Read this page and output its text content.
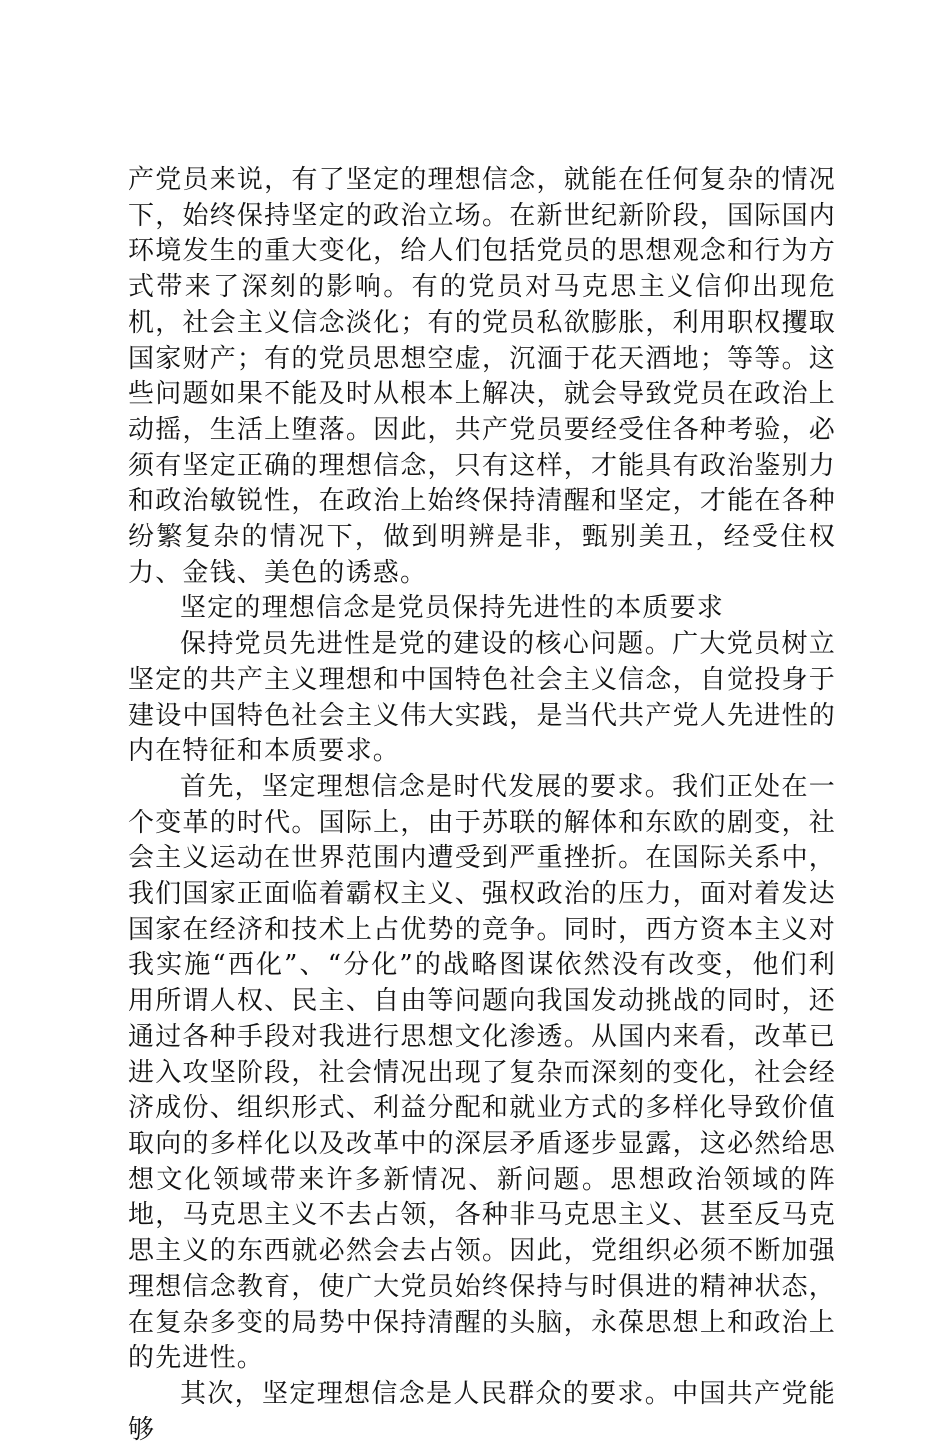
产党员来说，有了坚定的理想信念，就能在任何复杂的情况下，始终保持坚定的政治立场。在新世纪新阶段，国际国内环境发生的重大变化，给人们包括党员的思想观念和行为方式带来了深刻的影响。有的党员对马克思主义信仰出现危机，社会主义信念淡化；有的党员私欲膨胀，利用职权攫取国家财产；有的党员思想空虚，沉湎于花天酒地；等等。这些问题如果不能及时从根本上解决，就会导致党员在政治上动摇，生活上堕落。因此，共产党员要经受住各种考验，必须有坚定正确的理想信念，只有这样，才能具有政治鉴别力和政治敏锐性，在政治上始终保持清醒和坚定，才能在各种纷繁复杂的情况下，做到明辨是非，甄别美丑，经受住权力、金钱、美色的诱惑。

坚定的理想信念是党员保持先进性的本质要求

保持党员先进性是党的建设的核心问题。广大党员树立坚定的共产主义理想和中国特色社会主义信念，自觉投身于建设中国特色社会主义伟大实践，是当代共产党人先进性的内在特征和本质要求。

首先，坚定理想信念是时代发展的要求。我们正处在一个变革的时代。国际上，由于苏联的解体和东欧的剧变，社会主义运动在世界范围内遭受到严重挫折。在国际关系中，我们国家正面临着霸权主义、强权政治的压力，面对着发达国家在经济和技术上占优势的竞争。同时，西方资本主义对我实施“西化”、“分化”的战略图谋依然没有改变，他们利用所谓人权、民主、自由等问题向我国发动挑战的同时，还通过各种手段对我进行思想文化渗透。从国内来看，改革已进入攻坚阶段，社会情况出现了复杂而深刻的变化，社会经济成份、组织形式、利益分配和就业方式的多样化导致价值取向的多样化以及改革中的深层矛盾逐步显露，这必然给思想文化领域带来许多新情况、新问题。思想政治领域的阵地，马克思主义不去占领，各种非马克思主义、甚至反马克思主义的东西就必然会去占领。因此，党组织必须不断加强理想信念教育，使广大党员始终保持与时俱进的精神状态，在复杂多变的局势中保持清醒的头脑，永葆思想上和政治上的先进性。

其次，坚定理想信念是人民群众的要求。中国共产党能够
